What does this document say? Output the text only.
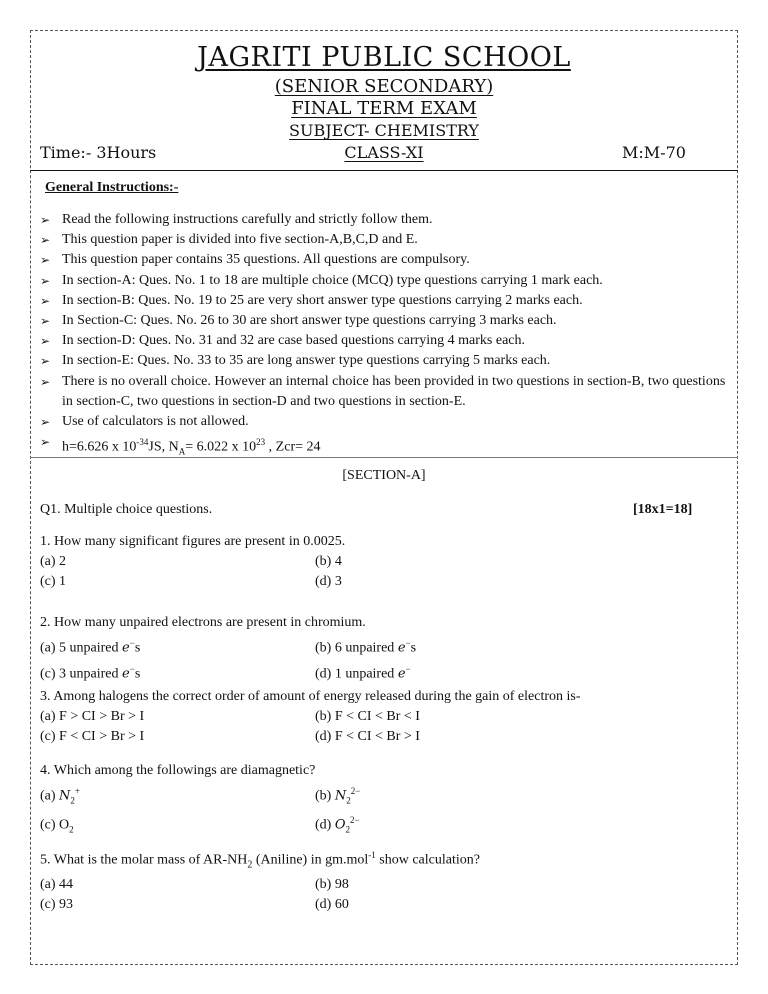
JAGRITI PUBLIC SCHOOL
(SENIOR SECONDARY)
FINAL TERM EXAM
SUBJECT- CHEMISTRY
CLASS-XI
Time:- 3Hours	M:M-70
General Instructions:-
➢ Read the following instructions carefully and strictly follow them.
➢ This question paper is divided into five section-A,B,C,D and E.
➢ This question paper contains 35 questions. All questions are compulsory.
➢ In section-A: Ques. No. 1 to 18 are multiple choice (MCQ) type questions carrying 1 mark each.
➢ In section-B: Ques. No. 19 to 25 are very short answer type questions carrying 2 marks each.
➢ In Section-C: Ques. No. 26 to 30 are short answer type questions carrying 3 marks each.
➢ In section-D: Ques. No. 31 and 32 are case based questions carrying 4 marks each.
➢ In section-E: Ques. No. 33 to 35 are long answer type questions carrying 5 marks each.
➢ There is no overall choice. However an internal choice has been provided in two questions in section-B, two questions in section-C, two questions in section-D and two questions in section-E.
➢ Use of calculators is not allowed.
➢ h=6.626 x $10^{-34}JS$, $N_A= 6.022$ x $10^{23}$ , Zcr= 24
[SECTION-A]
Q1. Multiple choice questions.	[18x1=18]
1. How many significant figures are present in 0.0025.
(a) 2	(b) 4
(c) 1	(d) 3
2. How many unpaired electrons are present in chromium.
(a) 5 unpaired e−s	(b) 6 unpaired e−s
(c) 3 unpaired e−s	(d) 1 unpaired e−
3. Among halogens the correct order of amount of energy released during the gain of electron is-
(a) F > CI > Br > I	(b) F < CI < Br < I
(c) F < CI > Br > I	(d) F < CI < Br > I
4. Which among the followings are diamagnetic?
(a) $N_2^+$	(b) $N_2^{2-}$
(c) $O_2$	(d) $O_2^{2-}$
5. What is the molar mass of $AR-NH_2$ (Aniline) in gm.mol$^{-1}$ show calculation?
(a) 44	(b) 98
(c) 93	(d) 60
